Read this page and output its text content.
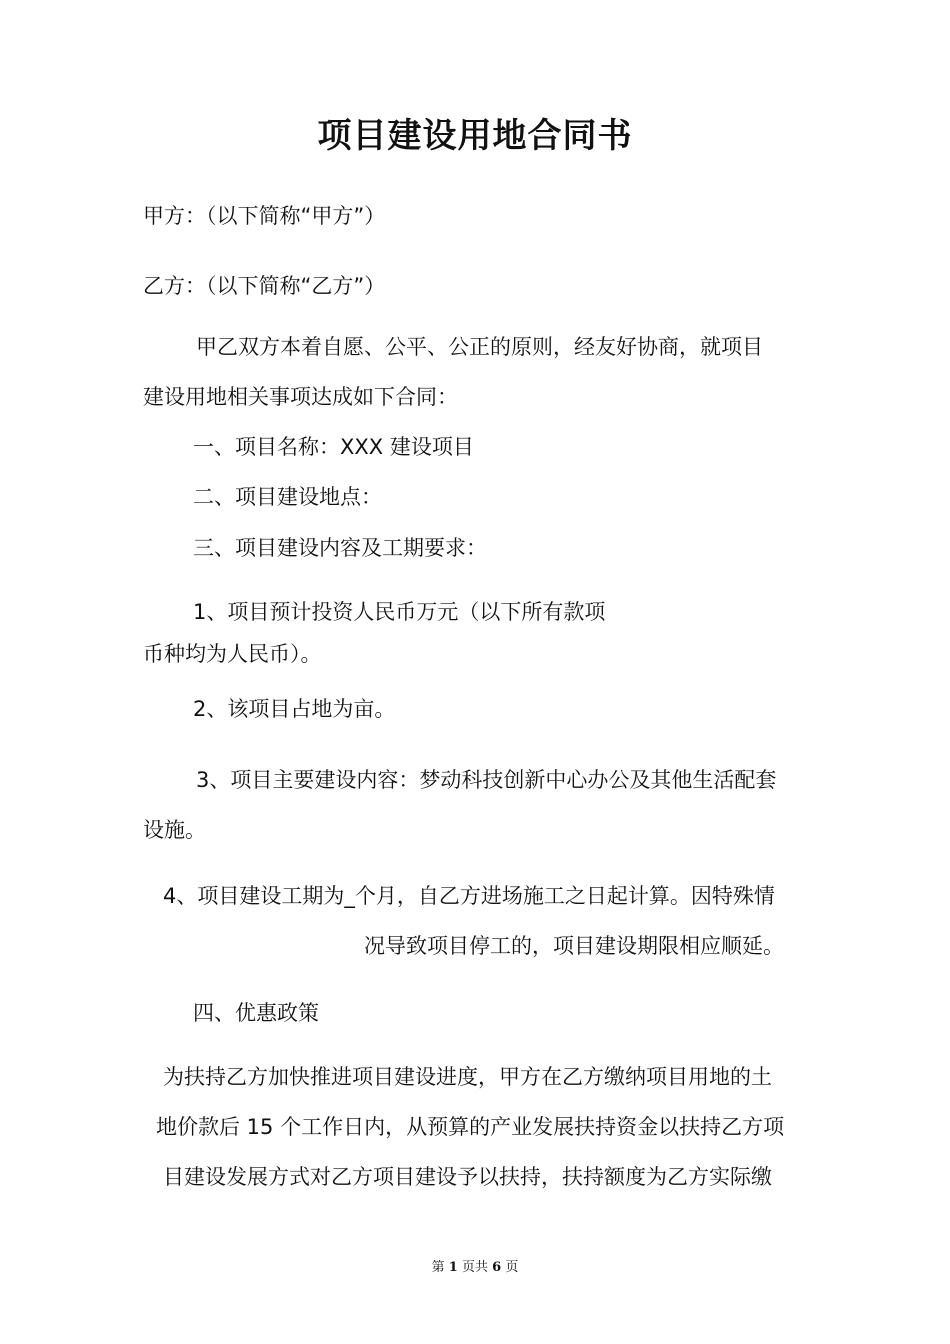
项目建设用地合同书
甲方：（以下简称“甲方”）
乙方：（以下简称“乙方”）
甲乙双方本着自愿、公平、公正的原则，经友好协商，就项目
建设用地相关事项达成如下合同：
一、项目名称：XXX 建设项目
二、项目建设地点：
三、项目建设内容及工期要求：
1、项目预计投资人民币万元（以下所有款项
币种均为人民币）。
2、该项目占地为亩。
3、项目主要建设内容：梦动科技创新中心办公及其他生活配套
设施。
4、项目建设工期为_个月，自乙方进场施工之日起计算。因特殊情
况导致项目停工的，项目建设期限相应顺延。
四、优惠政策
为扶持乙方加快推进项目建设进度，甲方在乙方缴纳项目用地的土
地价款后 15 个工作日内，从预算的产业发展扶持资金以扶持乙方项
目建设发展方式对乙方项目建设予以扶持，扶持额度为乙方实际缴
第 1 页共 6 页
